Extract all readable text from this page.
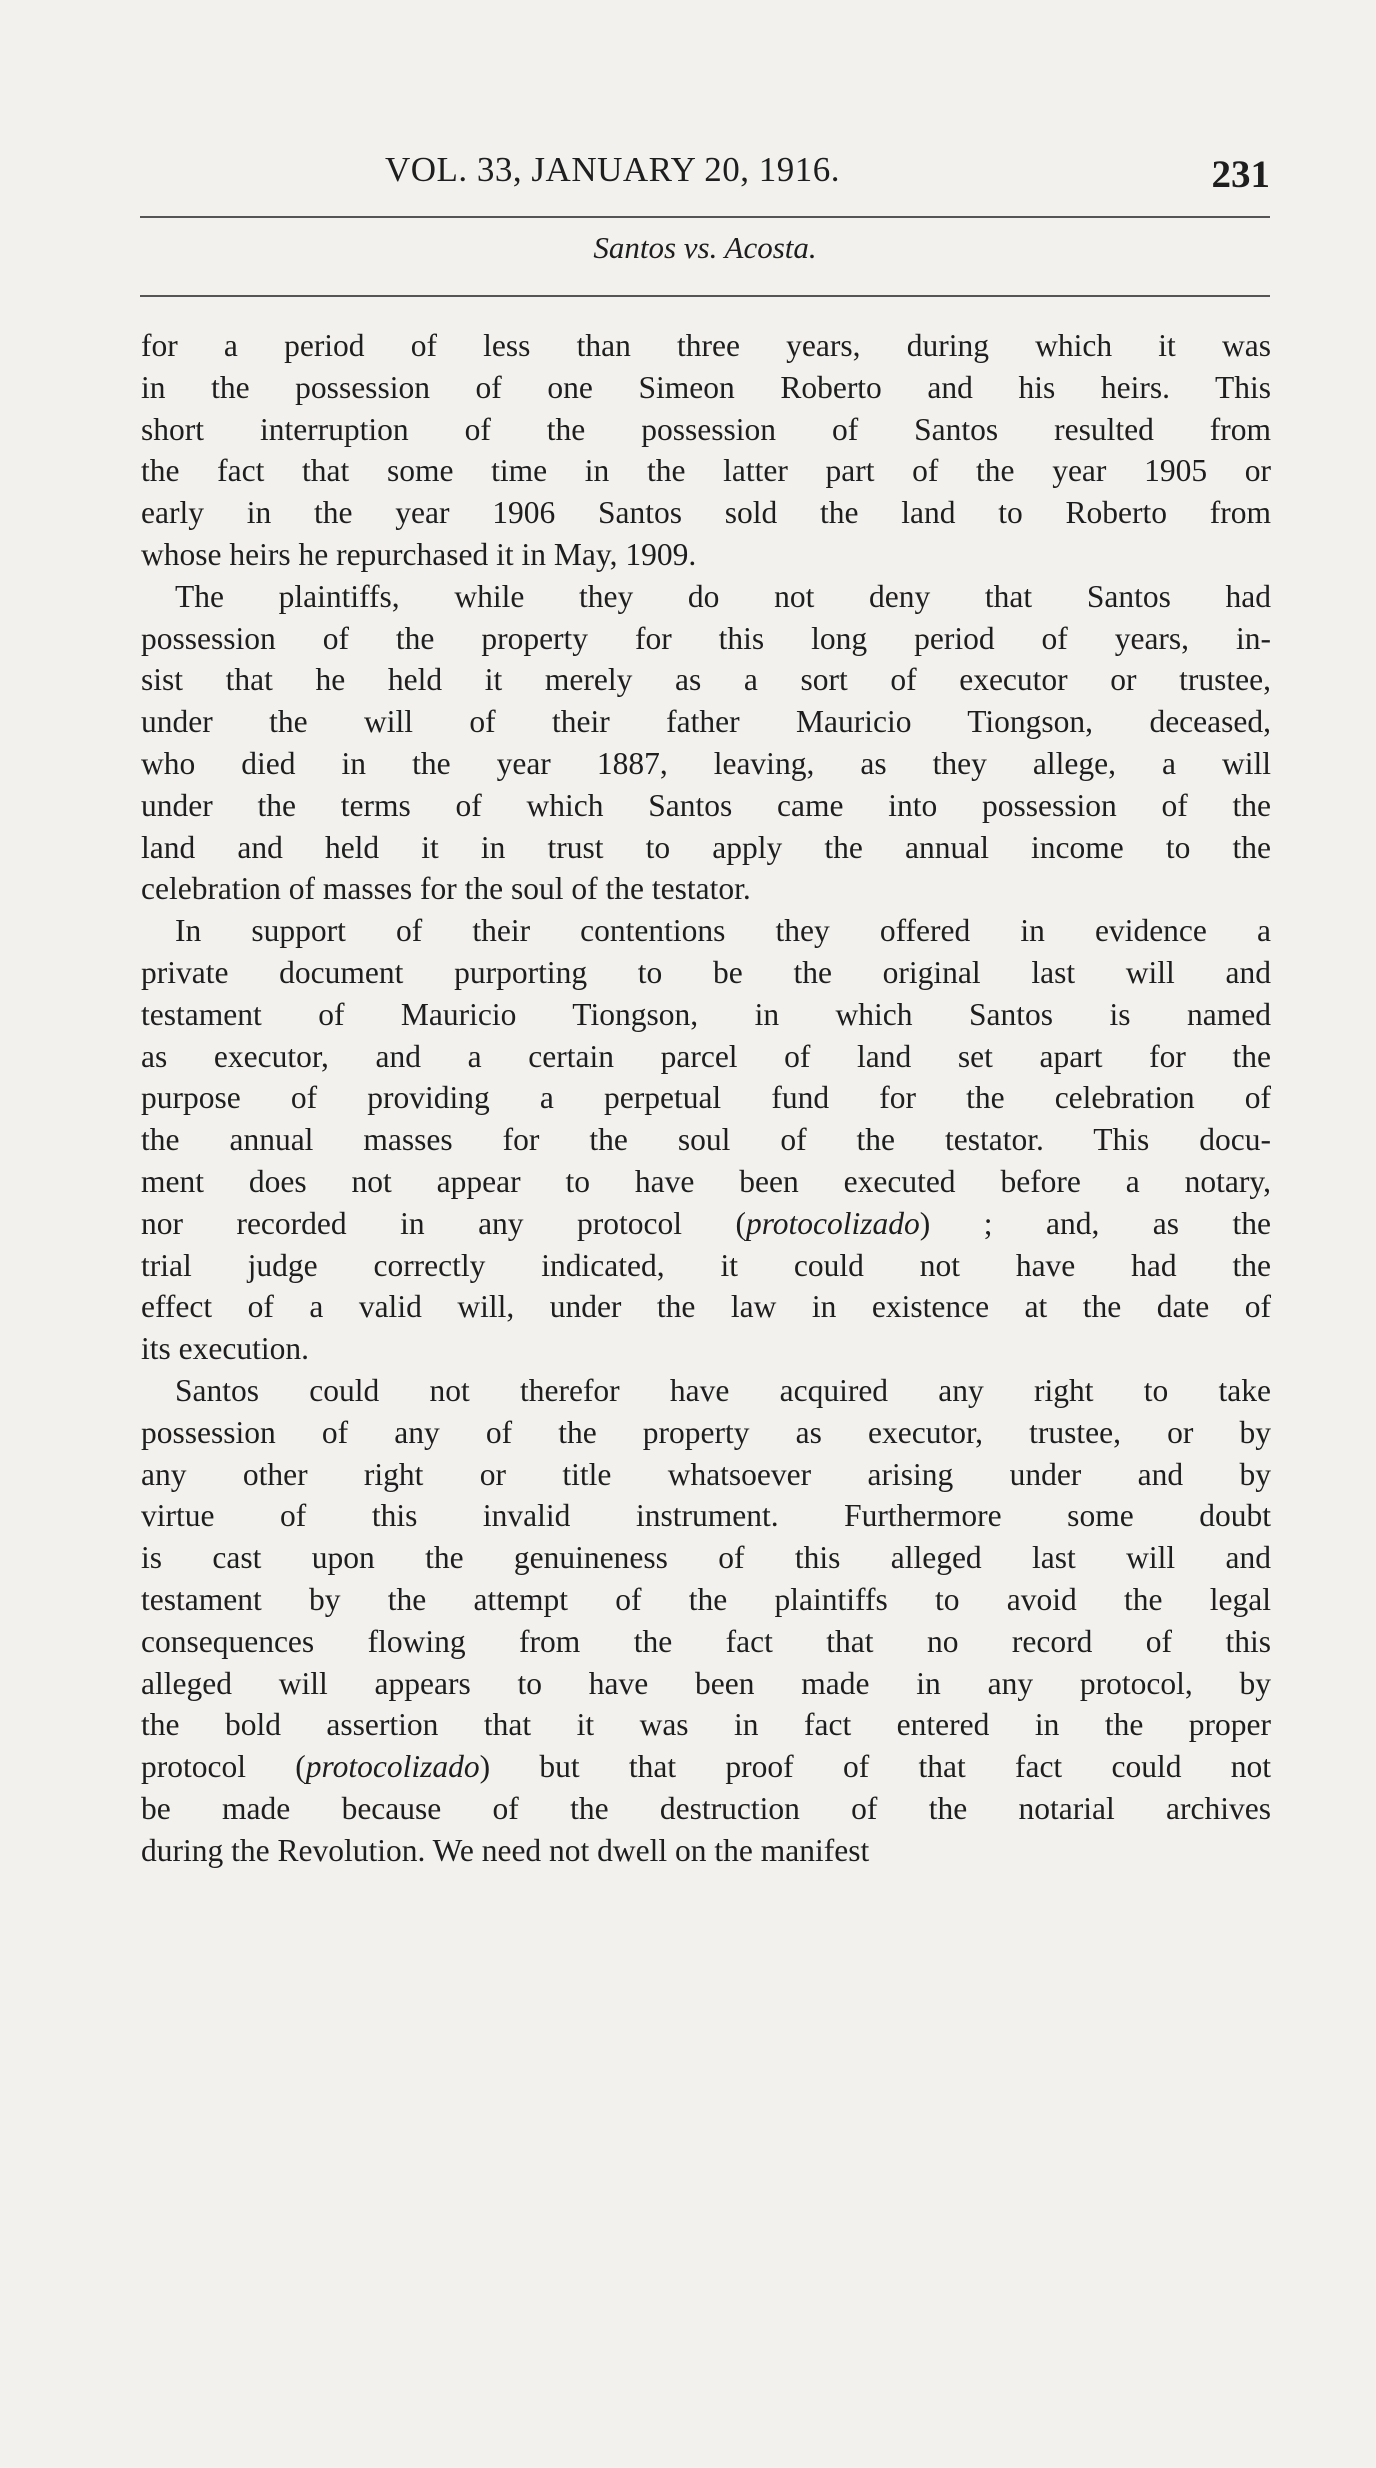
VOL. 33, JANUARY 20, 1916.	231
Santos vs. Acosta.
for a period of less than three years, during which it was
in the possession of one Simeon Roberto and his heirs. This
short interruption of the possession of Santos resulted from
the fact that some time in the latter part of the year 1905 or
early in the year 1906 Santos sold the land to Roberto from
whose heirs he repurchased it in May, 1909.
The plaintiffs, while they do not deny that Santos had
possession of the property for this long period of years, in-
sist that he held it merely as a sort of executor or trustee,
under the will of their father Mauricio Tiongson, deceased,
who died in the year 1887, leaving, as they allege, a will
under the terms of which Santos came into possession of the
land and held it in trust to apply the annual income to the
celebration of masses for the soul of the testator.
In support of their contentions they offered in evidence a
private document purporting to be the original last will and
testament of Mauricio Tiongson, in which Santos is named
as executor, and a certain parcel of land set apart for the
purpose of providing a perpetual fund for the celebration of
the annual masses for the soul of the testator. This docu-
ment does not appear to have been executed before a notary,
nor recorded in any protocol (protocolizado) ; and, as the
trial judge correctly indicated, it could not have had the
effect of a valid will, under the law in existence at the date of
its execution.
Santos could not therefor have acquired any right to take
possession of any of the property as executor, trustee, or by
any other right or title whatsoever arising under and by
virtue of this invalid instrument. Furthermore some doubt
is cast upon the genuineness of this alleged last will and
testament by the attempt of the plaintiffs to avoid the legal
consequences flowing from the fact that no record of this
alleged will appears to have been made in any protocol, by
the bold assertion that it was in fact entered in the proper
protocol (protocolizado) but that proof of that fact could not
be made because of the destruction of the notarial archives
during the Revolution. We need not dwell on the manifest
